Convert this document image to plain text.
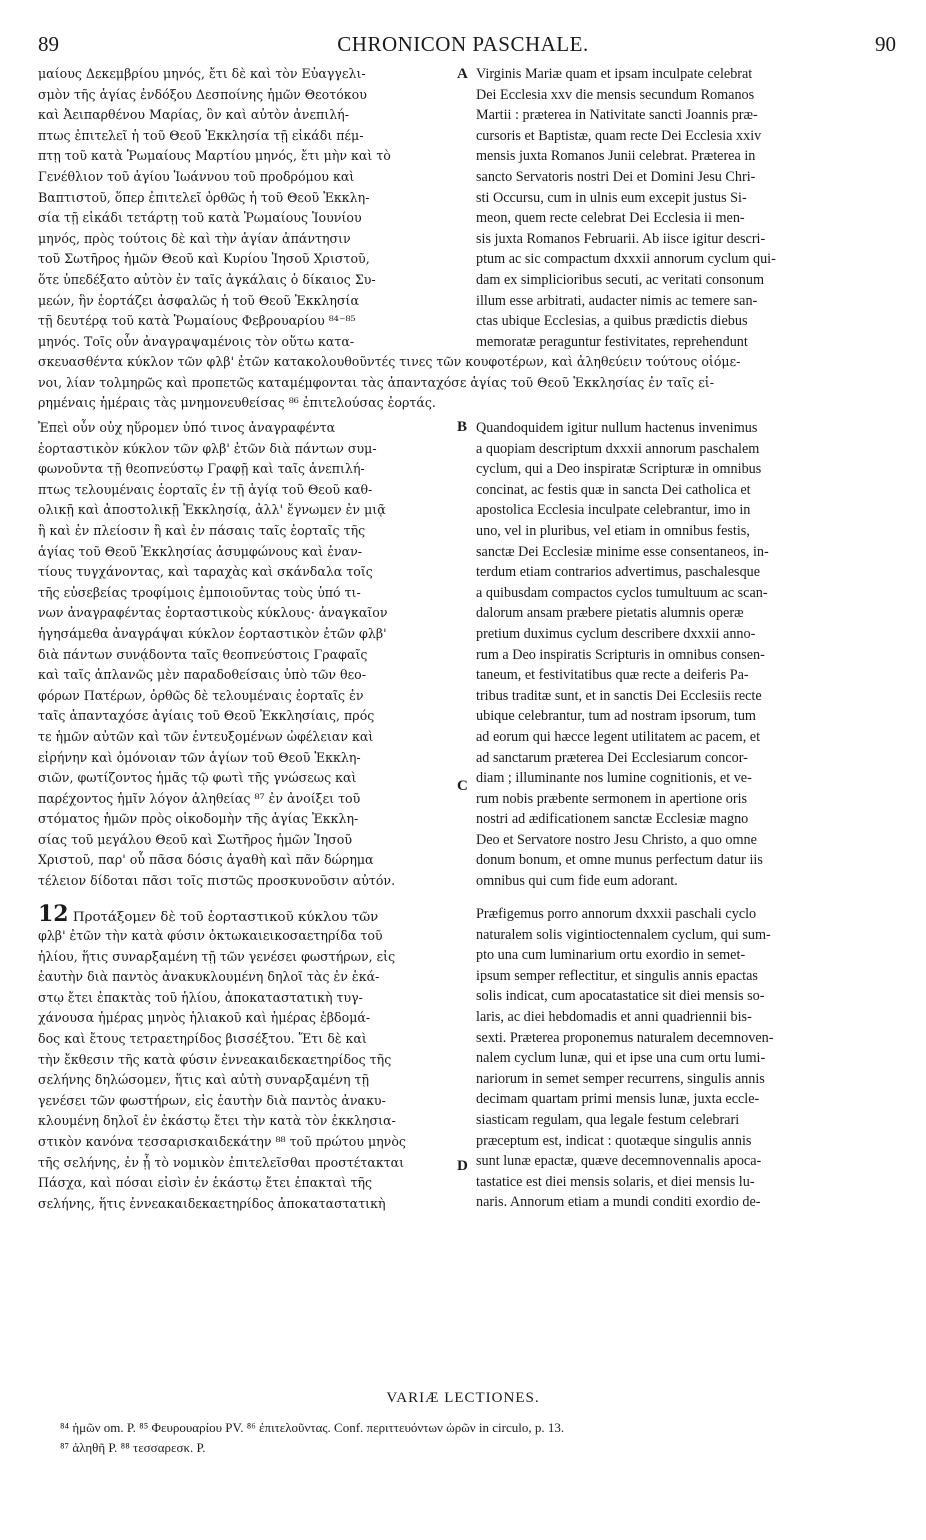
89	CHRONICON PASCHALE.	90
μαίους Δεκεμβρίου μηνός, ἔτι δὲ καὶ τὸν Εὐαγγελι-
σμὸν τῆς ἁγίας ἐνδόξου Δεσποίνης ἡμῶν Θεοτόκου
καὶ Ἀειπαρθένου Μαρίας, ὃν καὶ αὐτὸν ἀνεπιλή-
πτως ἐπιτελεῖ ἡ τοῦ Θεοῦ Ἐκκλησία τῇ εἰκάδι πέμ-
πτῃ τοῦ κατὰ Ῥωμαίους Μαρτίου μηνός, ἔτι μὴν καὶ τὸ
Γενέθλιον τοῦ ἁγίου Ἰωάννου τοῦ προδρόμου καὶ
Βαπτιστοῦ, ὅπερ ἐπιτελεῖ ὀρθῶς ἡ τοῦ Θεοῦ Ἐκκλη-
σία τῇ εἰκάδι τετάρτῃ τοῦ κατὰ Ῥωμαίους Ἰουνίου
μηνός, πρὸς τούτοις δὲ καὶ τὴν ἁγίαν ἀπάντησιν
τοῦ Σωτῆρος ἡμῶν Θεοῦ καὶ Κυρίου Ἰησοῦ Χριστοῦ,
ὅτε ὑπεδέξατο αὐτὸν ἐν ταῖς ἀγκάλαις ὁ δίκαιος Συ-
μεών, ἣν ἑορτάζει ἀσφαλῶς ἡ τοῦ Θεοῦ Ἐκκλησία
τῇ δευτέρᾳ τοῦ κατὰ Ῥωμαίους Φεβρουαρίου ⁸⁴⁻⁸⁵
μηνός. Τοῖς οὖν ἀναγραψαμένοις τὸν οὕτω κατα-
Virginis Mariæ quam et ipsam inculpate celebrat
Dei Ecclesia xxv die mensis secundum Romanos
Martii : præterea in Nativitate sancti Joannis præ-
cursoris et Baptistæ, quam recte Dei Ecclesia xxiv
mensis juxta Romanos Junii celebrat. Præterea in
sancto Servatoris nostri Dei et Domini Jesu Chri-
sti Occursu, cum in ulnis eum excepit justus Si-
meon, quem recte celebrat Dei Ecclesia ii men-
sis juxta Romanos Februarii. Ab iisce igitur descri-
ptum ac sic compactum dxxxii annorum cyclum qui-
dam ex simplicioribus secuti, ac veritati consonum
illum esse arbitrati, audacter nimis ac temere san-
ctas ubique Ecclesias, a quibus prædictis diebus
memoratæ peraguntur festivitates, reprehendunt
A
σκευασθέντα κύκλον τῶν φλβ' ἐτῶν κατακολουθοῦντές τινες τῶν κουφοτέρων, καὶ ἀληθεύειν τούτους οἰόμε-
νοι, λίαν τολμηρῶς καὶ προπετῶς καταμέμφονται τὰς ἁπανταχόσε ἁγίας τοῦ Θεοῦ Ἐκκλησίας ἐν ταῖς εἰ-
ρημέναις ἡμέραις τὰς μνημονευθείσας ⁸⁶ ἐπιτελούσας ἑορτάς.
Ἐπεὶ οὖν οὐχ ηὕρομεν ὑπό τινος ἀναγραφέντα
ἑορταστικὸν κύκλον τῶν φλβ' ἐτῶν διὰ πάντων συμ-
φωνοῦντα τῇ θεοπνεύστῳ Γραφῇ καὶ ταῖς ἀνεπιλή-
πτως τελουμέναις ἑορταῖς ἐν τῇ ἁγίᾳ τοῦ Θεοῦ καθ-
ολικῇ καὶ ἀποστολικῇ Ἐκκλησίᾳ, ἀλλ' ἔγνωμεν ἐν μιᾷ
ἢ καὶ ἐν πλείοσιν ἢ καὶ ἐν πάσαις ταῖς ἑορταῖς τῆς
ἁγίας τοῦ Θεοῦ Ἐκκλησίας ἀσυμφώνους καὶ ἐναν-
τίους τυγχάνοντας, καὶ ταραχὰς καὶ σκάνδαλα τοῖς
τῆς εὐσεβείας τροφίμοις ἐμποιοῦντας τοὺς ὑπό τι-
νων ἀναγραφέντας ἑορταστικοὺς κύκλους· ἀναγκαῖον
ἡγησάμεθα ἀναγράψαι κύκλον ἑορταστικὸν ἐτῶν φλβ'
διὰ πάντων συνᾴδοντα ταῖς θεοπνεύστοις Γραφαῖς
καὶ ταῖς ἁπλανῶς μὲν παραδοθείσαις ὑπὸ τῶν θεο-
φόρων Πατέρων, ὀρθῶς δὲ τελουμέναις ἑορταῖς ἐν
ταῖς ἁπανταχόσε ἁγίαις τοῦ Θεοῦ Ἐκκλησίαις, πρός
τε ἡμῶν αὐτῶν καὶ τῶν ἐντευξομένων ὠφέλειαν καὶ
εἰρήνην καὶ ὁμόνοιαν τῶν ἁγίων τοῦ Θεοῦ Ἐκκλη-
σιῶν, φωτίζοντος ἡμᾶς τῷ φωτὶ τῆς γνώσεως καὶ
παρέχοντος ἡμῖν λόγον ἀληθείας ⁸⁷ ἐν ἀνοίξει τοῦ
στόματος ἡμῶν πρὸς οἰκοδομὴν τῆς ἁγίας Ἐκκλη-
σίας τοῦ μεγάλου Θεοῦ καὶ Σωτῆρος ἡμῶν Ἰησοῦ
Χριστοῦ, παρ' οὗ πᾶσα δόσις ἀγαθὴ καὶ πᾶν δώρημα
τέλειον δίδοται πᾶσι τοῖς πιστῶς προσκυνοῦσιν αὐτόν.
Quandoquidem igitur nullum hactenus invenimus
a quopiam descriptum dxxxii annorum paschalem
cyclum, qui a Deo inspiratæ Scripturæ in omnibus
concinat, ac festis quæ in sancta Dei catholica et
apostolica Ecclesia inculpate celebrantur, imo in
uno, vel in pluribus, vel etiam in omnibus festis,
sanctæ Dei Ecclesiæ minime esse consentaneos, in-
terdum etiam contrarios advertimus, paschalesque
a quibusdam compactos cyclos tumultuum ac scan-
dalorum ansam præbere pietatis alumnis operæ
pretium duximus cyclum describere dxxxii anno-
rum a Deo inspiratis Scripturis in omnibus consen-
taneum, et festivitatibus quæ recte a deiferis Pa-
tribus traditæ sunt, et in sanctis Dei Ecclesiis recte
ubique celebrantur, tum ad nostram ipsorum, tum
ad eorum qui hæcce legent utilitatem ac pacem, et
ad sanctarum præterea Dei Ecclesiarum concor-
diam ; illuminante nos lumine cognitionis, et ve-
rum nobis præbente sermonem in apertione oris
nostri ad ædificationem sanctæ Ecclesiæ magno
Deo et Servatore nostro Jesu Christo, a quo omne
donum bonum, et omne munus perfectum datur iis
omnibus qui cum fide eum adorant.
B
C
12 Προτάξομεν δὲ τοῦ ἑορταστικοῦ κύκλου τῶν
φλβ' ἐτῶν τὴν κατὰ φύσιν ὀκτωκαιεικοσαετηρίδα τοῦ
ἡλίου, ἥτις συναρξαμένη τῇ τῶν γενέσει φωστήρων, εἰς
ἑαυτὴν διὰ παντὸς ἀνακυκλουμένη δηλοῖ τὰς ἐν ἑκά-
στῳ ἔτει ἐπακτὰς τοῦ ἡλίου, ἀποκαταστατικὴ τυγ-
χάνουσα ἡμέρας μηνὸς ἡλιακοῦ καὶ ἡμέρας ἑβδομά-
δος καὶ ἔτους τετραετηρίδος βισσέξτου. Ἔτι δὲ καὶ
τὴν ἔκθεσιν τῆς κατὰ φύσιν ἐννεακαιδεκαετηρίδος τῆς
σελήνης δηλώσομεν, ἥτις καὶ αὐτὴ συναρξαμένη τῇ
γενέσει τῶν φωστήρων, εἰς ἑαυτὴν διὰ παντὸς ἀνακυ-
κλουμένη δηλοῖ ἐν ἑκάστῳ ἔτει τὴν κατὰ τὸν ἐκκλησια-
στικὸν κανόνα τεσσαρισκαιδεκάτην ⁸⁸ τοῦ πρώτου μηνὸς
τῆς σελήνης, ἐν ᾗ τὸ νομικὸν ἐπιτελεῖσθαι προστέτακται
Πάσχα, καὶ πόσαι εἰσὶν ἐν ἑκάστῳ ἔτει ἐπακταὶ τῆς
σελήνης, ἥτις ἐννεακαιδεκαετηρίδος ἀποκαταστατικὴ
Præfigemus porro annorum dxxxii paschali cyclo
naturalem solis vigintioctennalem cyclum, qui sum-
pto una cum luminarium ortu exordio in semet-
ipsum semper reflectitur, et singulis annis epactas
solis indicat, cum apocatastatice sit diei mensis so-
laris, ac diei hebdomadis et anni quadriennii bis-
sexti. Præterea proponemus naturalem decemnoven-
nalem cyclum lunæ, qui et ipse una cum ortu lumi-
nariorum in semet semper recurrens, singulis annis
decimam quartam primi mensis lunæ, juxta eccle-
siasticam regulam, qua legale festum celebrari
præceptum est, indicat : quotæque singulis annis
sunt lunæ epactæ, quæve decemnovennalis apoca-
tastatice est diei mensis solaris, et diei mensis lu-
naris. Annorum etiam a mundi conditi exordio de-
D
VARIÆ LECTIONES.
⁸⁴ ἡμῶν om. P. ⁸⁵ Φευρουαρίου PV. ⁸⁶ ἐπιτελοῦντας. Conf. περιττευόντων ὡρῶν in circulo, p. 13.
⁸⁷ ἀληθῆ P. ⁸⁸ τεσσαρεσκ. P.
